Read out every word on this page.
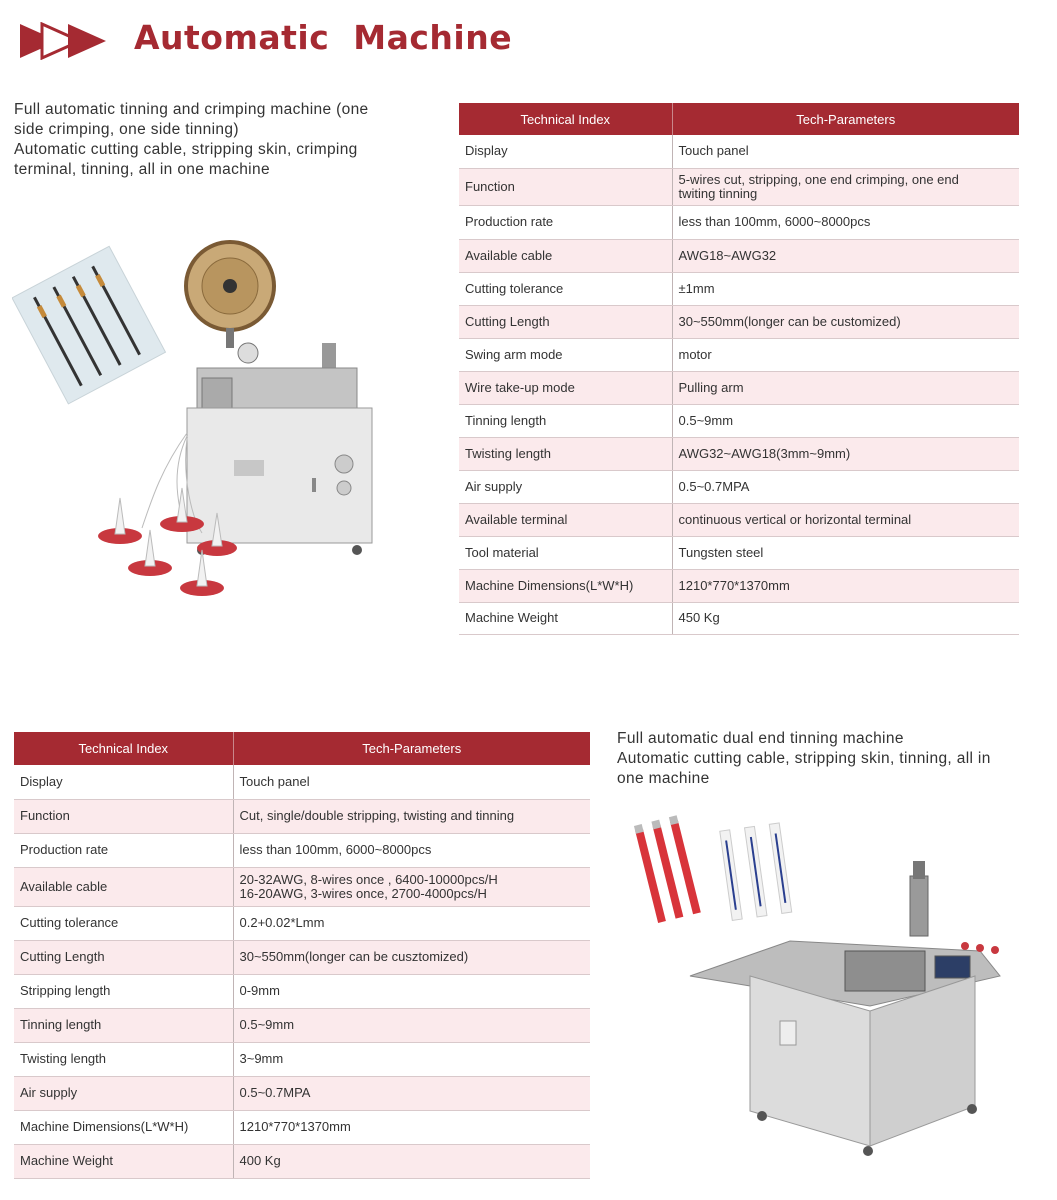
Automatic  Machine

Full automatic tinning and crimping machine (one

side crimping, one side tinning)

Automatic cutting cable, stripping skin, crimping

terminal, tinning, all in one machine

Technical Index	Tech-Parameters
Display	Touch panel
Function	5-wires cut, stripping, one end crimping, one end
twiting tinning

Production rate	less than 100mm, 6000~8000pcs
Available cable	AWG18~AWG32
Cutting tolerance	±1mm
Cutting Length	30~550mm(longer can be customized)
Swing arm mode	motor
Wire take-up mode	Pulling arm
Tinning length	0.5~9mm
Twisting length	AWG32~AWG18(3mm~9mm)
Air supply	0.5~0.7MPA
Available terminal	continuous vertical or horizontal terminal
Tool material	Tungsten steel
Machine Dimensions(L*W*H)	1210*770*1370mm
Machine Weight	450 Kg
Technical Index	Tech-Parameters
Display	Touch panel
Function	Cut, single/double stripping, twisting and tinning
Production rate	less than 100mm, 6000~8000pcs
Available cable	20-32AWG, 8-wires once , 6400-10000pcs/H
16-20AWG, 3-wires once, 2700-4000pcs/H

Cutting tolerance	0.2+0.02*Lmm
Cutting Length	30~550mm(longer can be cusztomized)
Stripping length	0-9mm
Tinning length	0.5~9mm
Twisting length	3~9mm
Air supply	0.5~0.7MPA
Machine Dimensions(L*W*H)	1210*770*1370mm
Machine Weight	400 Kg

Full automatic dual end tinning machine

Automatic cutting cable, stripping skin, tinning, all in

one machine
